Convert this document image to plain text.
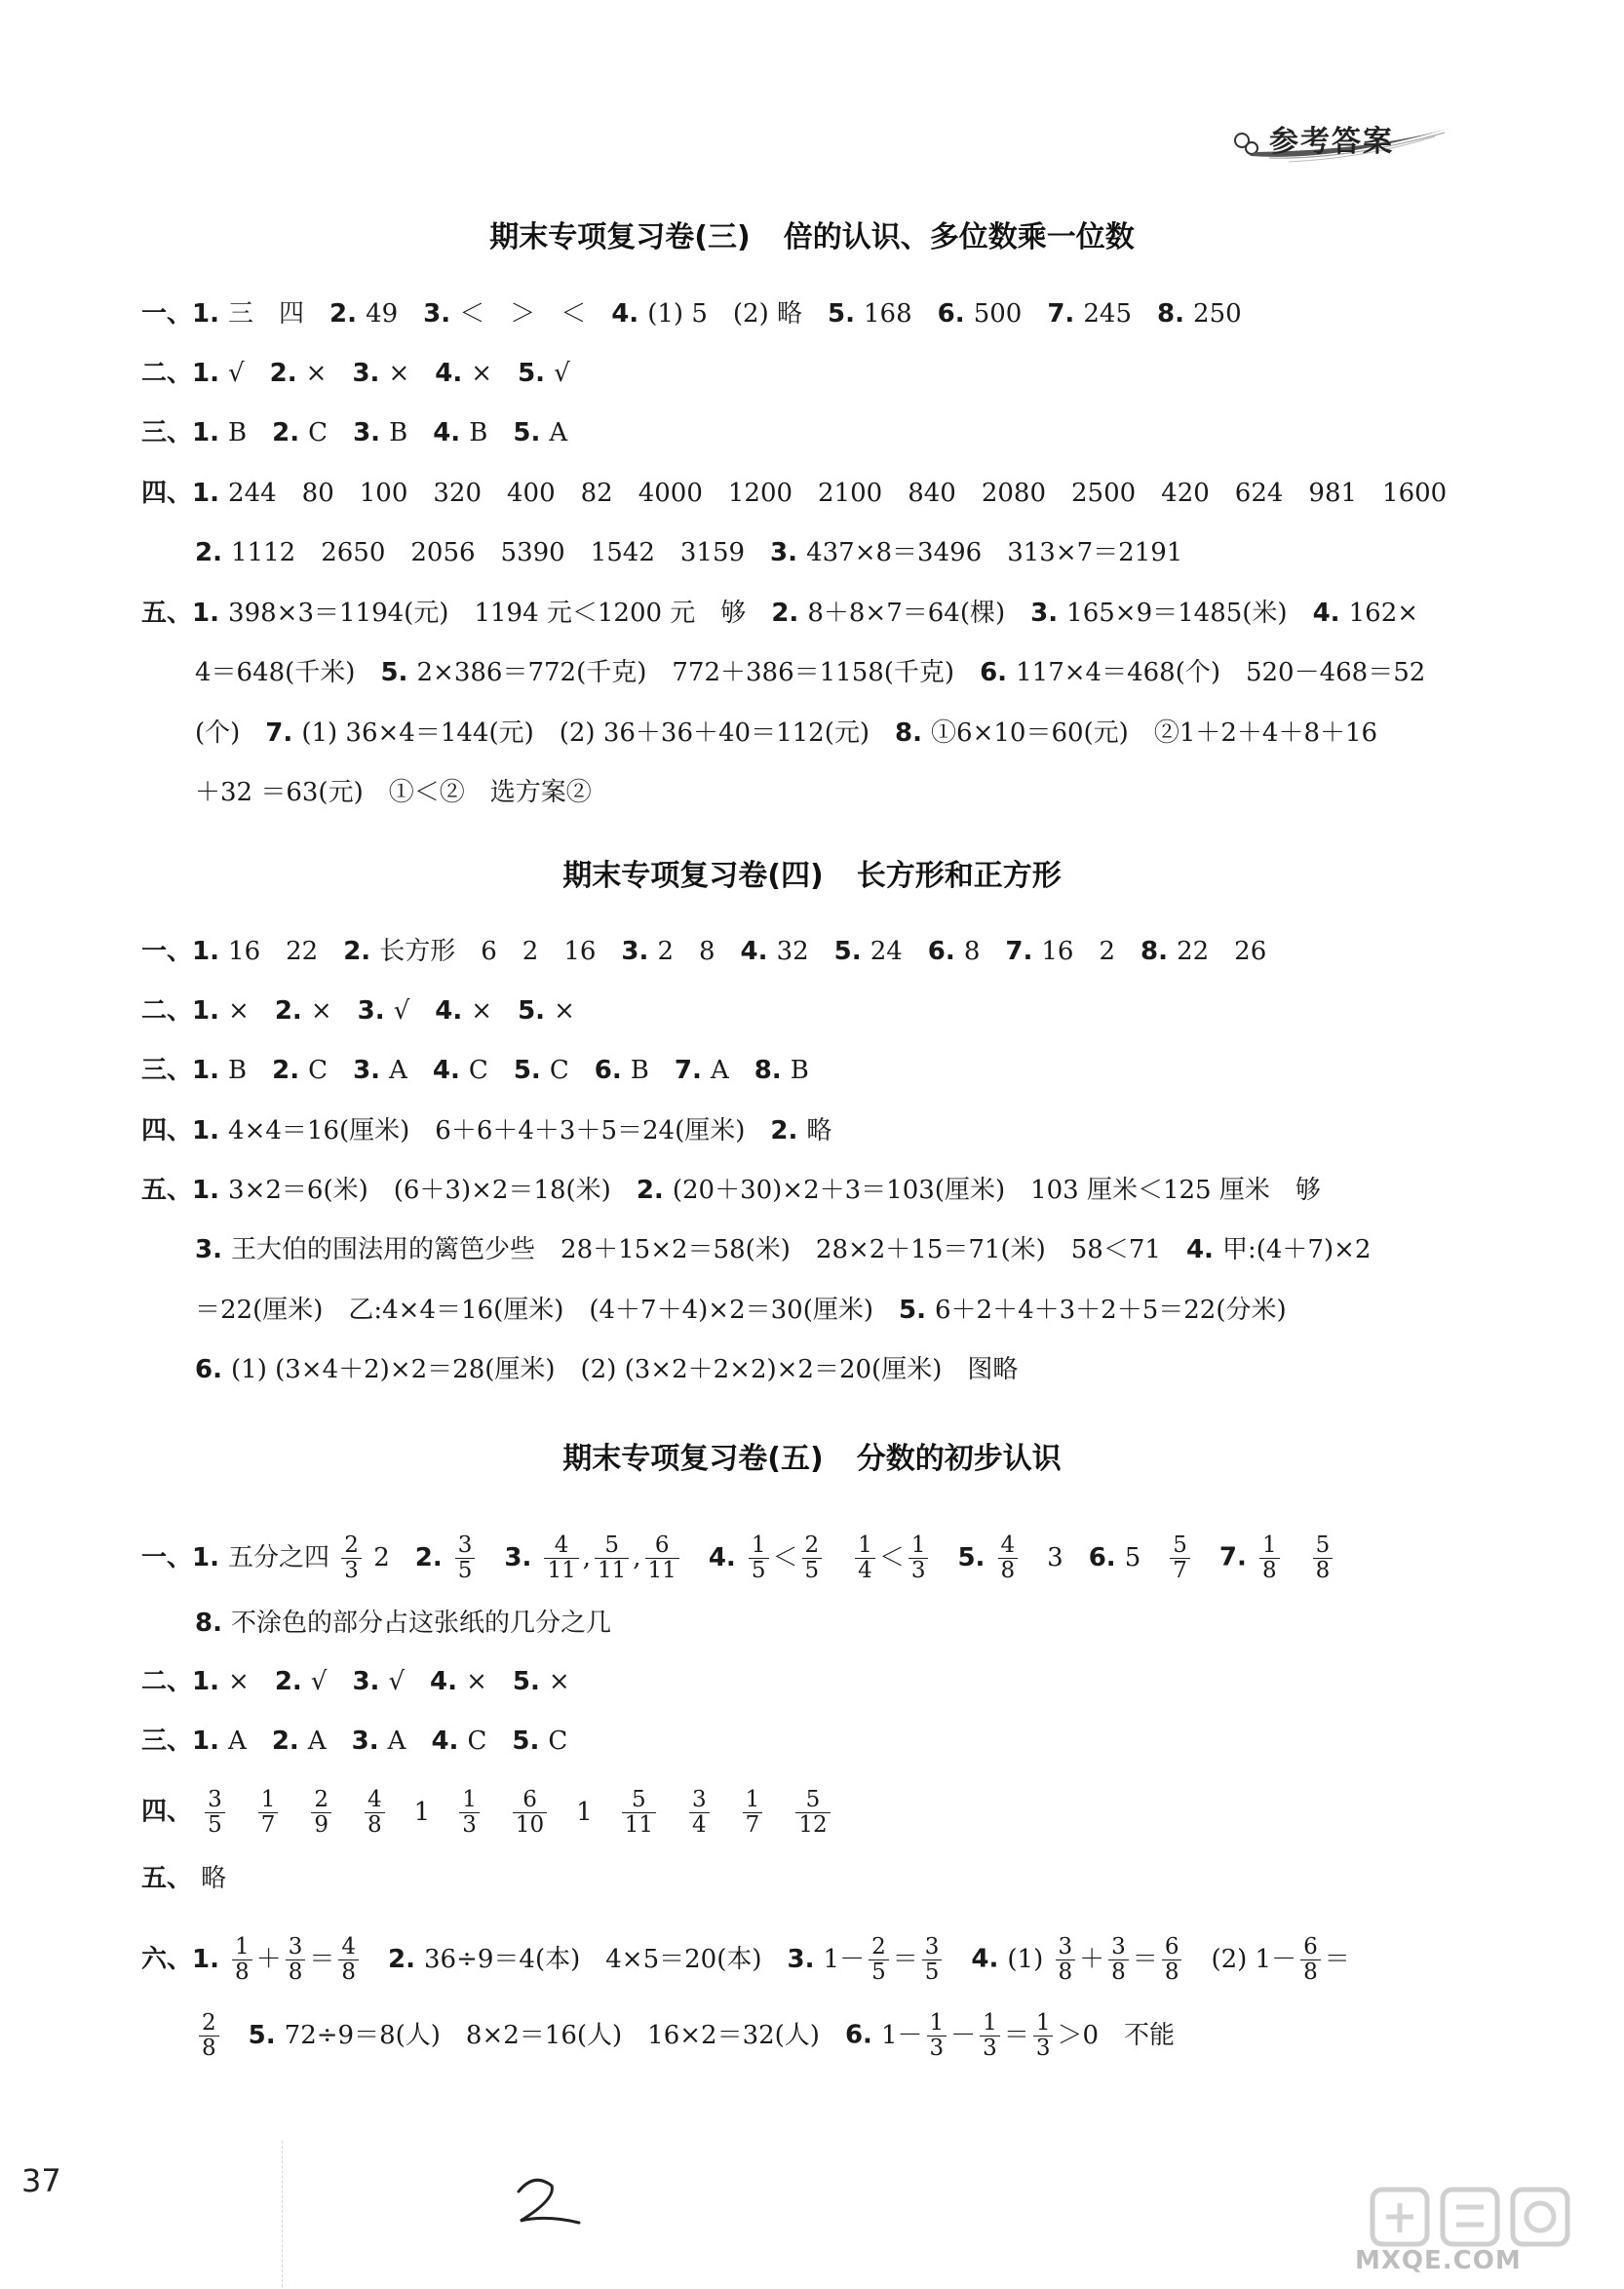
参考答案
期末专项复习卷(三) 倍的认识、多位数乘一位数
一、1. 三　四 2. 49 3. ＜　＞　＜ 4. (1) 5　(2) 略 5. 168 6. 500 7. 245 8. 250
二、1. √ 2. × 3. × 4. × 5. √
三、1. B 2. C 3. B 4. B 5. A
四、1. 244　80　100　320　400　82　4000　1200　2100　840　2080　2500　420　624　981　1600
2. 1112　2650　2056　5390　1542　3159 3. 437×8＝3496　313×7＝2191
五、1. 398×3＝1194(元)　1194 元＜1200 元　够 2. 8＋8×7＝64(棵) 3. 165×9＝1485(米) 4. 162×
4＝648(千米) 5. 2×386＝772(千克)　772＋386＝1158(千克) 6. 117×4＝468(个)　520－468＝52
(个) 7. (1) 36×4＝144(元)　(2) 36＋36＋40＝112(元) 8. ①6×10＝60(元)　②1＋2＋4＋8＋16
＋32 ＝63(元)　①＜②　选方案②
期末专项复习卷(四) 长方形和正方形
一、1. 16　22 2. 长方形　6　2　16 3. 2　8 4. 32 5. 24 6. 8 7. 16　2 8. 22　26
二、1. × 2. × 3. √ 4. × 5. ×
三、1. B 2. C 3. A 4. C 5. C 6. B 7. A 8. B
四、1. 4×4＝16(厘米)　6＋6＋4＋3＋5＝24(厘米) 2. 略
五、1. 3×2＝6(米)　(6＋3)×2＝18(米) 2. (20＋30)×2＋3＝103(厘米)　103 厘米＜125 厘米　够
3. 王大伯的围法用的篱笆少些　28＋15×2＝58(米)　28×2＋15＝71(米)　58＜71 4. 甲:(4＋7)×2
＝22(厘米)　乙:4×4＝16(厘米)　(4＋7＋4)×2＝30(厘米) 5. 6＋2＋4＋3＋2＋5＝22(分米)
6. (1) (3×4＋2)×2＝28(厘米)　(2) (3×2＋2×2)×2＝20(厘米)　图略
期末专项复习卷(五) 分数的初步认识
一、1. 五分之四 $\frac{2}{3} 2$ 2. $\frac{3}{5} 3$. $\frac{4}{11}$ , $\frac{5}{11}$ , $\frac{6}{11} 4$. $\frac{1}{5} < \frac{2}{5}$
　 $\frac{1}{4} < \frac{1}{3} 5$. $\frac{4}{8}$ 　3 6. 5　 $\frac{5}{7} 7$. $\frac{1}{8}$
　 $\frac{5}{8}$
8. 不涂色的部分占这张纸的几分之几
二、1. × 2. √ 3. √ 4. × 5. ×
三、1. A 2. A 3. A 4. C 5. C
四、 $\frac{3}{5}$
　 $\frac{1}{7}$
　 $\frac{2}{9}$
　 $\frac{4}{8}$ 　1　 $\frac{1}{3}$
　 $\frac{6}{10}$ 　1　 $\frac{5}{11}$
　 $\frac{3}{4}$
　 $\frac{1}{7}$
　 $\frac{5}{12}$
五、 略
六、1. $\frac{1}{8} + \frac{3}{8} = \frac{4}{8} 2$. 36÷9＝4(本)　4×5＝20(本) 3. $1- \frac{2}{5} = \frac{3}{5} 4$. $(1) \frac{3}{8} + \frac{3}{8} = \frac{6}{8}$ 　(2) $1- \frac{6}{8}$ ＝
$\frac{2}{8} 5$. 72÷9＝8(人)　8×2＝16(人)　16×2＝32(人) 6. $1- \frac{1}{3} - \frac{1}{3} = \frac{1}{3} >0$　不能
37
MXQE.COM
